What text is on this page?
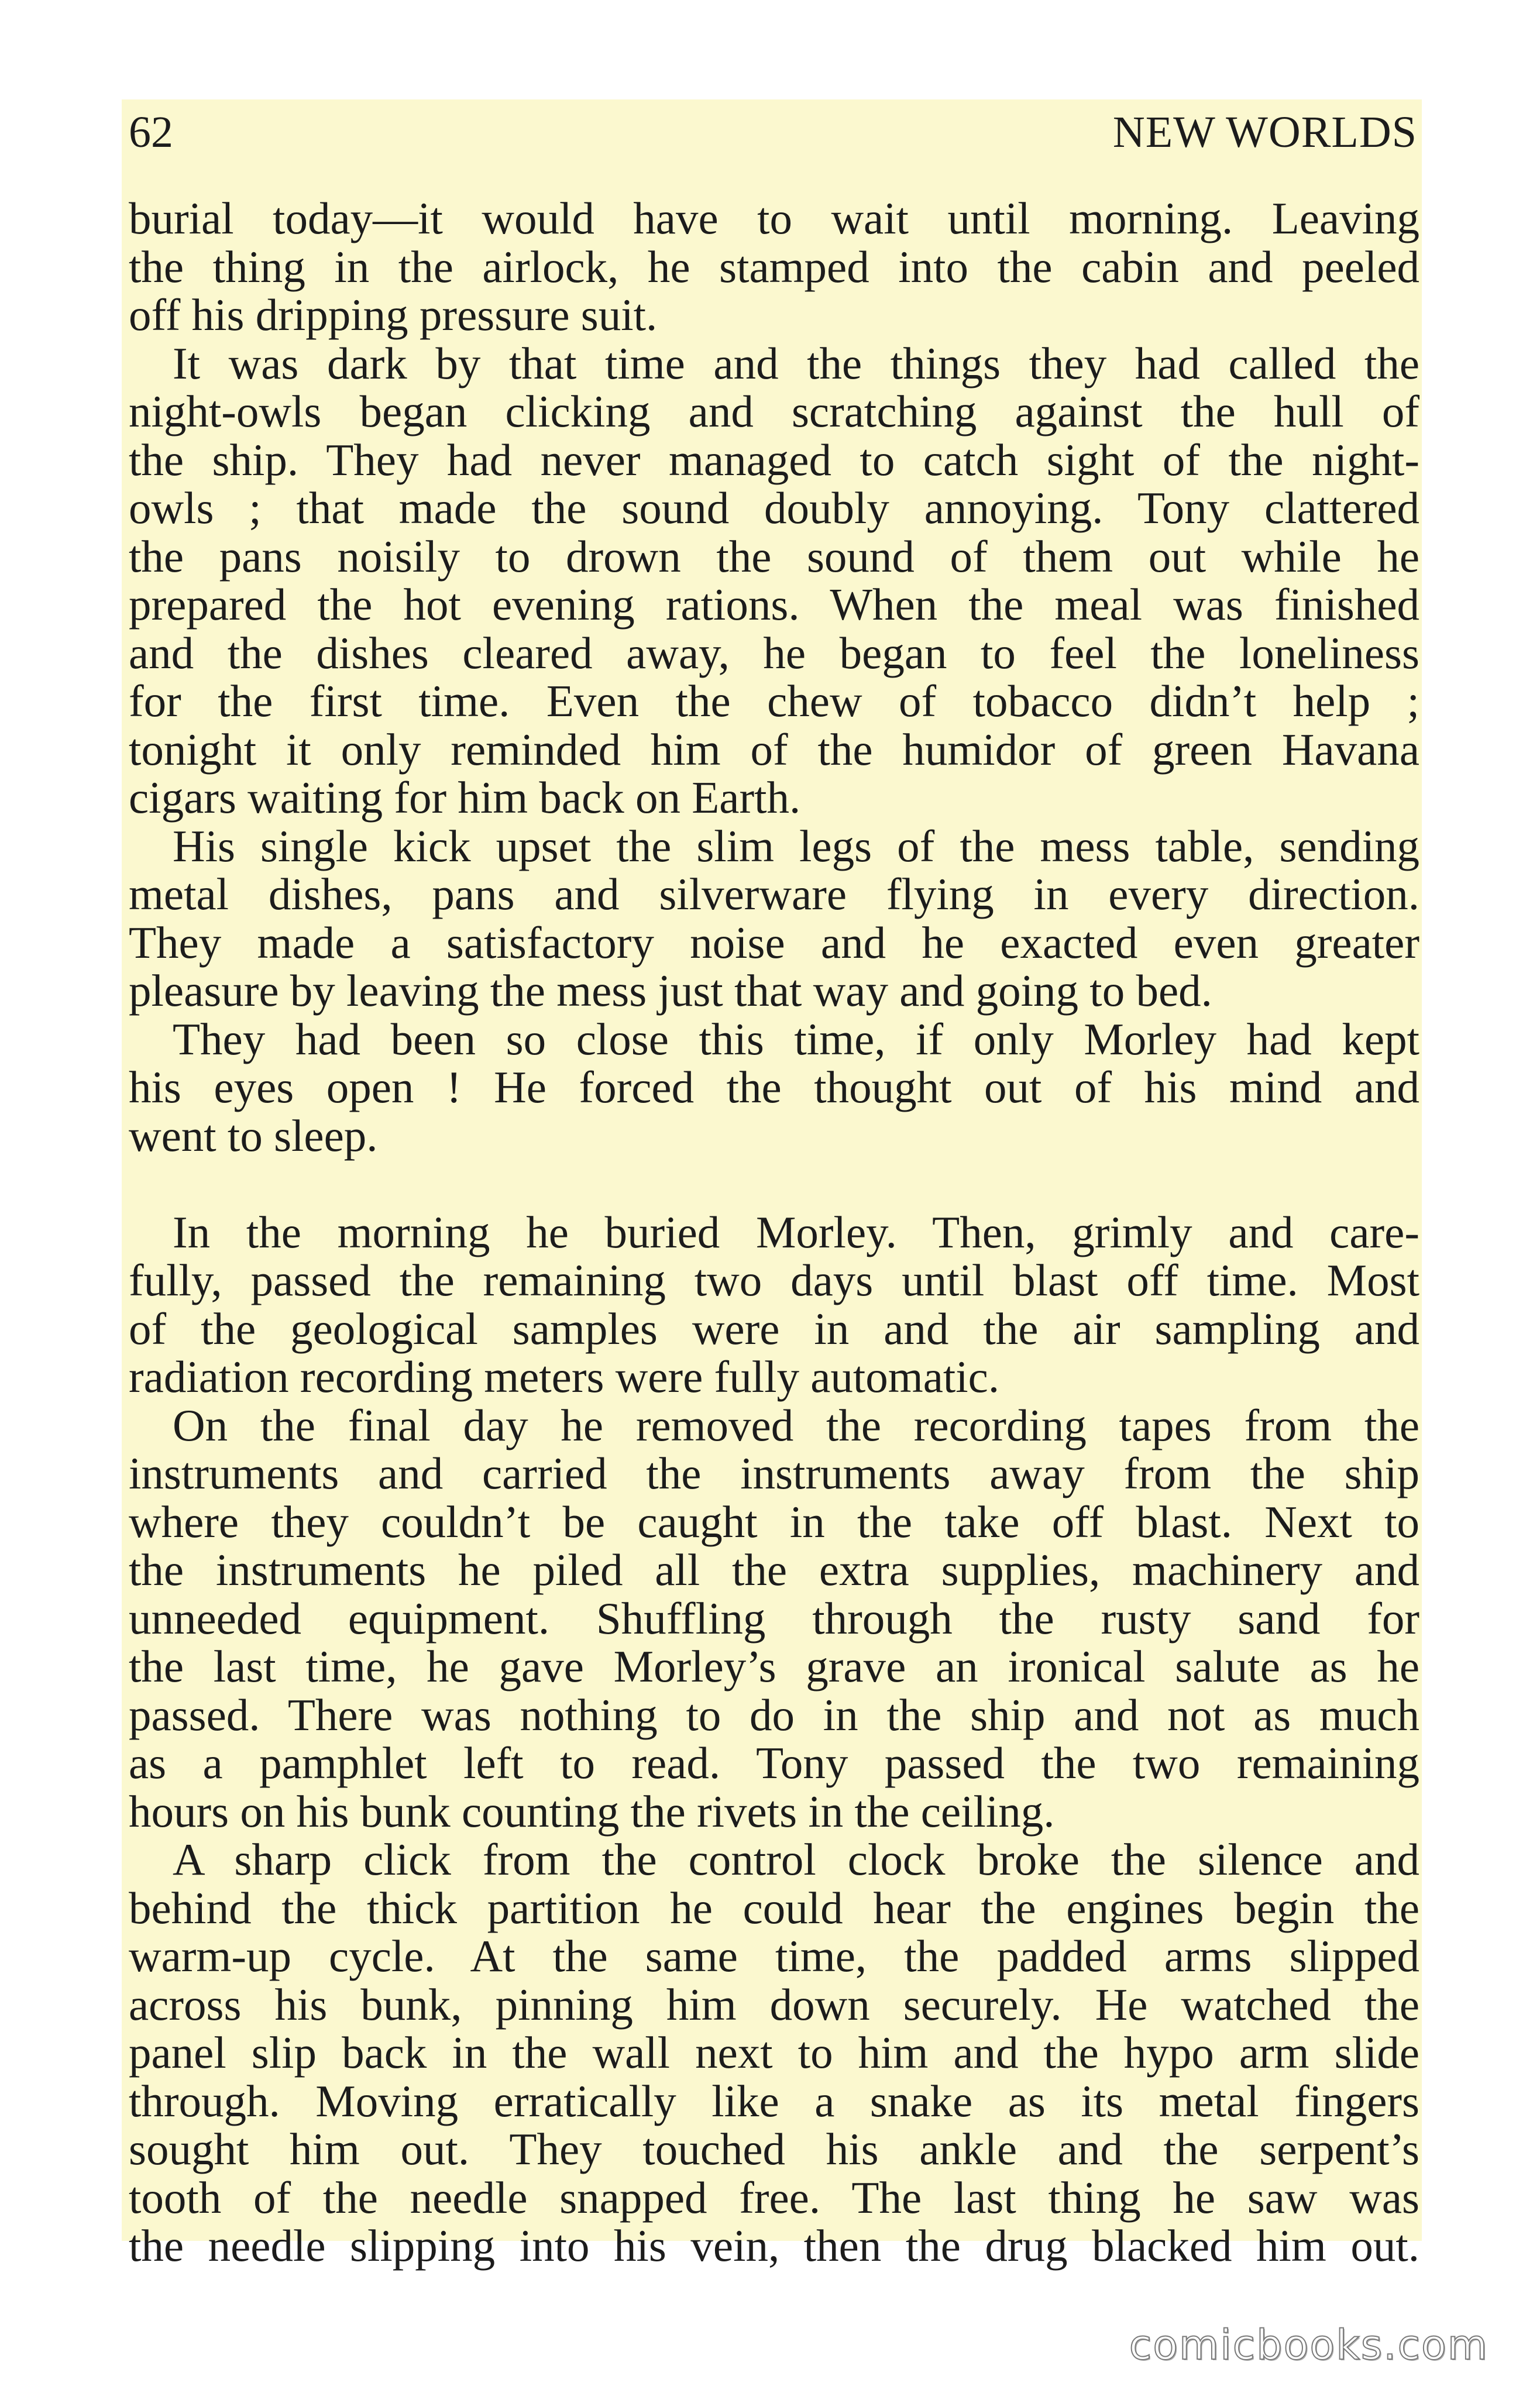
62	NEW WORLDS
burial today—it would have to wait until morning. Leaving
the thing in the airlock, he stamped into the cabin and peeled
off his dripping pressure suit.
It was dark by that time and the things they had called the
night-owls began clicking and scratching against the hull of
the ship. They had never managed to catch sight of the night-
owls ; that made the sound doubly annoying. Tony clattered
the pans noisily to drown the sound of them out while he
prepared the hot evening rations. When the meal was finished
and the dishes cleared away, he began to feel the loneliness
for the first time. Even the chew of tobacco didn’t help ;
tonight it only reminded him of the humidor of green Havana
cigars waiting for him back on Earth.
His single kick upset the slim legs of the mess table, sending
metal dishes, pans and silverware flying in every direction.
They made a satisfactory noise and he exacted even greater
pleasure by leaving the mess just that way and going to bed.
They had been so close this time, if only Morley had kept
his eyes open ! He forced the thought out of his mind and
went to sleep.
In the morning he buried Morley. Then, grimly and care-
fully, passed the remaining two days until blast off time. Most
of the geological samples were in and the air sampling and
radiation recording meters were fully automatic.
On the final day he removed the recording tapes from the
instruments and carried the instruments away from the ship
where they couldn’t be caught in the take off blast. Next to
the instruments he piled all the extra supplies, machinery and
unneeded equipment. Shuffling through the rusty sand for
the last time, he gave Morley’s grave an ironical salute as he
passed. There was nothing to do in the ship and not as much
as a pamphlet left to read. Tony passed the two remaining
hours on his bunk counting the rivets in the ceiling.
A sharp click from the control clock broke the silence and
behind the thick partition he could hear the engines begin the
warm-up cycle. At the same time, the padded arms slipped
across his bunk, pinning him down securely. He watched the
panel slip back in the wall next to him and the hypo arm slide
through. Moving erratically like a snake as its metal fingers
sought him out. They touched his ankle and the serpent’s
tooth of the needle snapped free. The last thing he saw was
the needle slipping into his vein, then the drug blacked him out.
comicbooks.com
